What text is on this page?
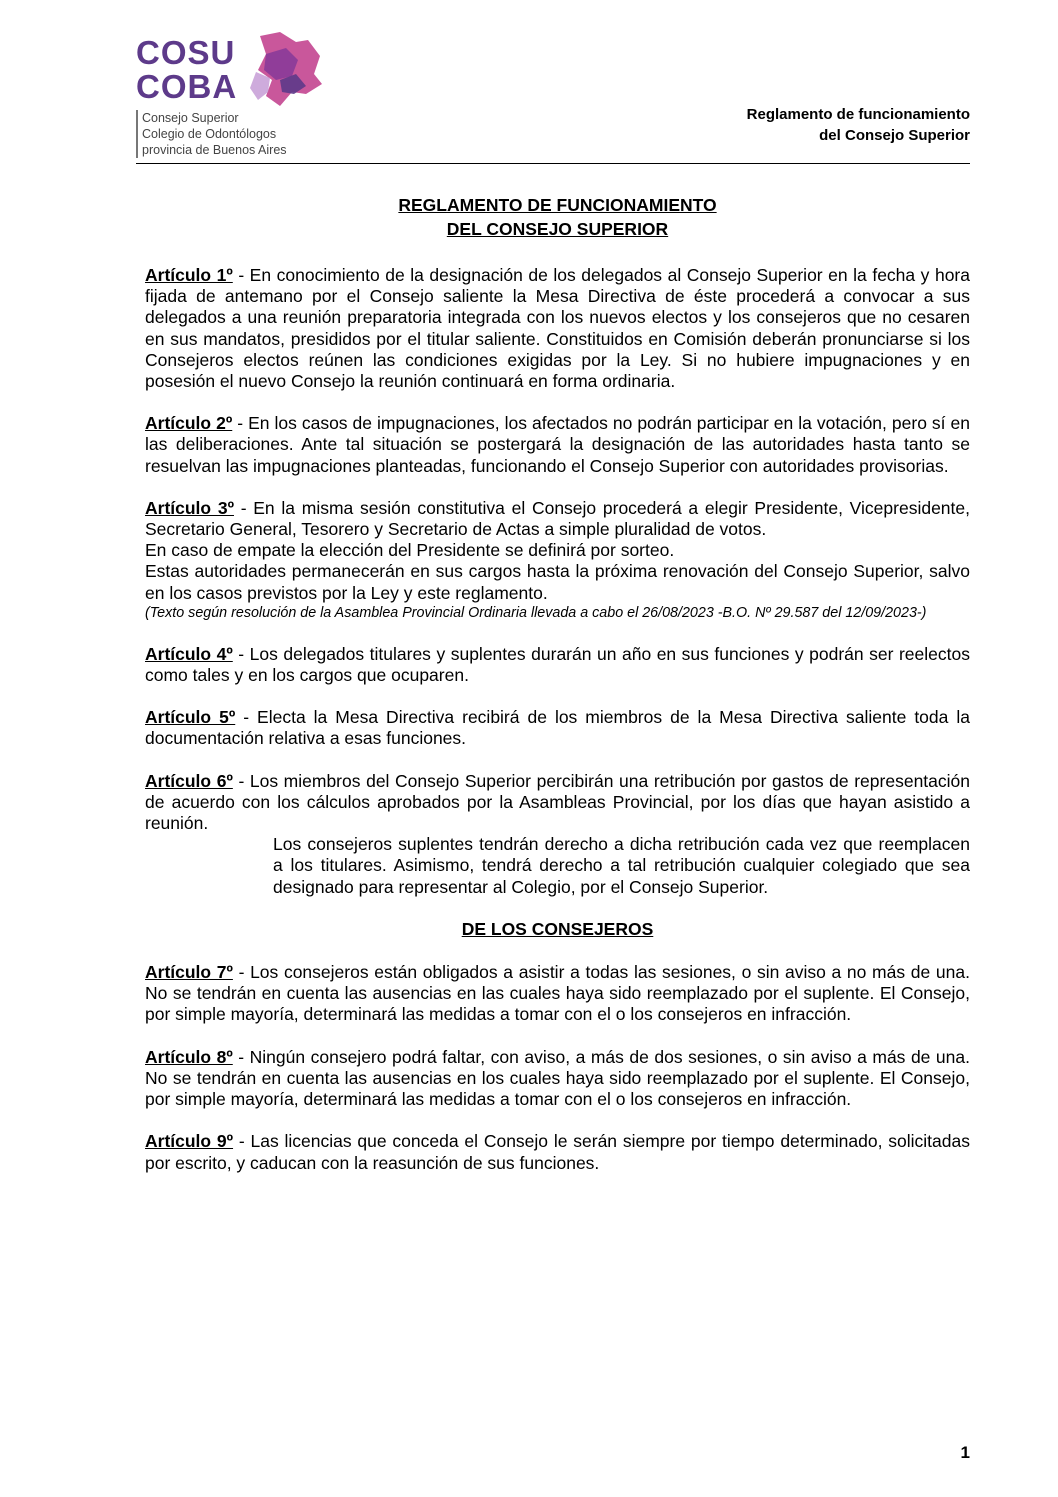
COSU
COBA
Consejo Superior
Colegio de Odontólogos
provincia de Buenos Aires
Reglamento de funcionamiento
del Consejo Superior
REGLAMENTO DE FUNCIONAMIENTO
DEL CONSEJO SUPERIOR

Artículo 1º - En conocimiento de la designación de los delegados al Consejo Superior en la fecha y hora fijada de antemano por el Consejo saliente la Mesa Directiva de éste procederá a convocar a sus delegados a una reunión preparatoria integrada con los nuevos electos y los consejeros que no cesaren en sus mandatos, presididos por el titular saliente. Constituidos en Comisión deberán pronunciarse si los Consejeros electos reúnen las condiciones exigidas por la Ley. Si no hubiere impugnaciones y en posesión el nuevo Consejo la reunión continuará en forma ordinaria.

Artículo 2º - En los casos de impugnaciones, los afectados no podrán participar en la votación, pero sí en las deliberaciones. Ante tal situación se postergará la designación de las autoridades hasta tanto se resuelvan las impugnaciones planteadas, funcionando el Consejo Superior con autoridades provisorias.

Artículo 3º - En la misma sesión constitutiva el Consejo procederá a elegir Presidente, Vicepresidente, Secretario General, Tesorero y Secretario de Actas a simple pluralidad de votos.
En caso de empate la elección del Presidente se definirá por sorteo.
Estas autoridades permanecerán en sus cargos hasta la próxima renovación del Consejo Superior, salvo en los casos previstos por la Ley y este reglamento.
(Texto según resolución de la Asamblea Provincial Ordinaria llevada a cabo el 26/08/2023 -B.O. Nº 29.587 del 12/09/2023-)

Artículo 4º - Los delegados titulares y suplentes durarán un año en sus funciones y podrán ser reelectos como tales y en los cargos que ocuparen.

Artículo 5º - Electa la Mesa Directiva recibirá de los miembros de la Mesa Directiva saliente toda la documentación relativa a esas funciones.

Artículo 6º - Los miembros del Consejo Superior percibirán una retribución por gastos de representación de acuerdo con los cálculos aprobados por la Asambleas Provincial, por los días que hayan asistido a reunión.
Los consejeros suplentes tendrán derecho a dicha retribución cada vez que reemplacen a los titulares. Asimismo, tendrá derecho a tal retribución cualquier colegiado que sea designado para representar al Colegio, por el Consejo Superior.
DE LOS CONSEJEROS

Artículo 7º - Los consejeros están obligados a asistir a todas las sesiones, o sin aviso a no más de una. No se tendrán en cuenta las ausencias en las cuales haya sido reemplazado por el suplente. El Consejo, por simple mayoría, determinará las medidas a tomar con el o los consejeros en infracción.

Artículo 8º - Ningún consejero podrá faltar, con aviso, a más de dos sesiones, o sin aviso a más de una. No se tendrán en cuenta las ausencias en los cuales haya sido reemplazado por el suplente. El Consejo, por simple mayoría, determinará las medidas a tomar con el o los consejeros en infracción.

Artículo 9º - Las licencias que conceda el Consejo le serán siempre por tiempo determinado, solicitadas por escrito, y caducan con la reasunción de sus funciones.

1
